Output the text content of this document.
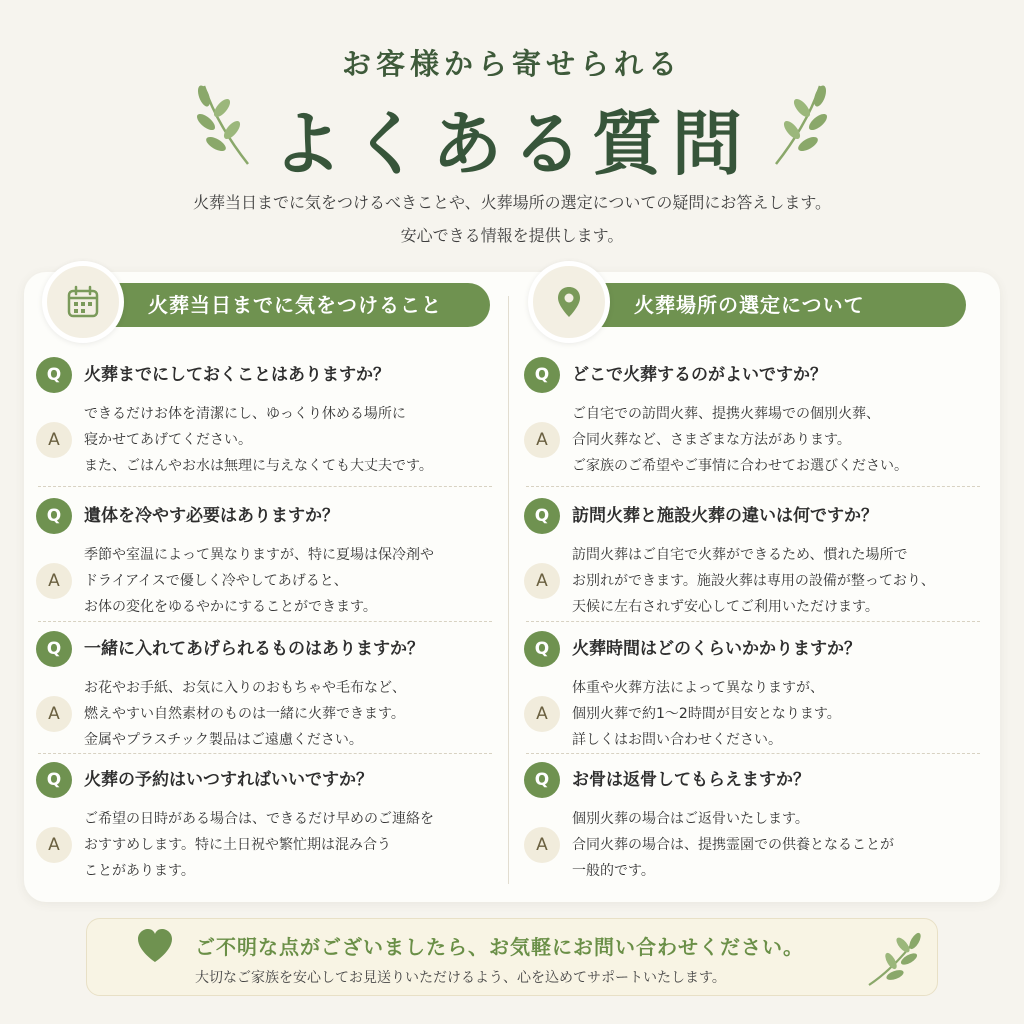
お客様から寄せられる
よくある質問
火葬当日までに気をつけるべきことや、火葬場所の選定についての疑問にお答えします。
安心できる情報を提供します。
火葬当日までに気をつけること	火葬場所の選定について
Q	火葬までにしておくことはありますか？
A
できるだけお体を清潔にし、ゆっくり休める場所に
寝かせてあげてください。
また、ごはんやお水は無理に与えなくても大丈夫です。
Q	遺体を冷やす必要はありますか？
A
季節や室温によって異なりますが、特に夏場は保冷剤や
ドライアイスで優しく冷やしてあげると、
お体の変化をゆるやかにすることができます。
Q	一緒に入れてあげられるものはありますか？
A
お花やお手紙、お気に入りのおもちゃや毛布など、
燃えやすい自然素材のものは一緒に火葬できます。
金属やプラスチック製品はご遠慮ください。
Q	火葬の予約はいつすればいいですか？
A
ご希望の日時がある場合は、できるだけ早めのご連絡を
おすすめします。特に土日祝や繁忙期は混み合う
ことがあります。
Q	どこで火葬するのがよいですか？
A
ご自宅での訪問火葬、提携火葬場での個別火葬、
合同火葬など、さまざまな方法があります。
ご家族のご希望やご事情に合わせてお選びください。
Q	訪問火葬と施設火葬の違いは何ですか？
A
訪問火葬はご自宅で火葬ができるため、慣れた場所で
お別れができます。施設火葬は専用の設備が整っており、
天候に左右されず安心してご利用いただけます。
Q	火葬時間はどのくらいかかりますか？
A
体重や火葬方法によって異なりますが、
個別火葬で約1～2時間が目安となります。
詳しくはお問い合わせください。
Q	お骨は返骨してもらえますか？
A
個別火葬の場合はご返骨いたします。
合同火葬の場合は、提携霊園での供養となることが
一般的です。
ご不明な点がございましたら、お気軽にお問い合わせください。
大切なご家族を安心してお見送りいただけるよう、心を込めてサポートいたします。
